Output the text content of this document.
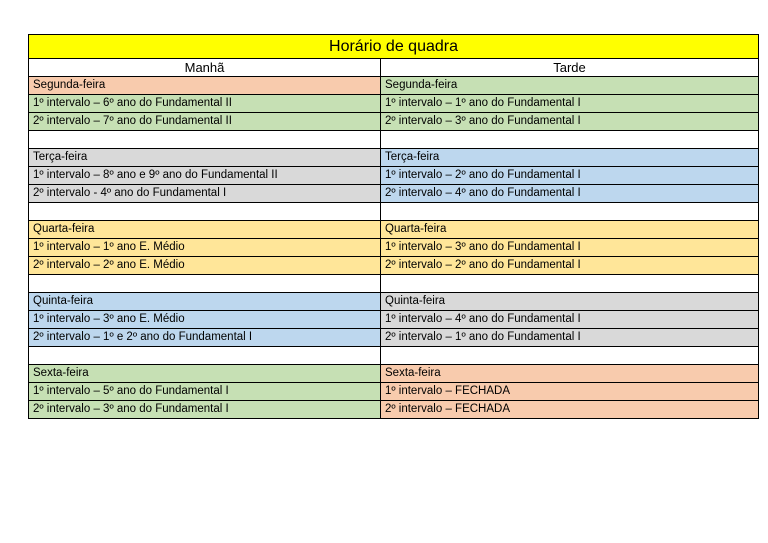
Horário de quadra	
Manhã	Tarde
Segunda-feira	Segunda-feira
1º intervalo – 6º ano do Fundamental II	1º intervalo – 1º ano do Fundamental I
2º intervalo – 7º ano do Fundamental II	2º intervalo – 3º ano do Fundamental I

Terça-feira	Terça-feira
1º intervalo – 8º ano e 9º ano do Fundamental II	1º intervalo – 2º ano do Fundamental I
2º intervalo - 4º ano do Fundamental I	2º intervalo – 4º ano do Fundamental I

Quarta-feira	Quarta-feira
1º intervalo – 1º ano E. Médio	1º intervalo – 3º ano do Fundamental I
2º intervalo – 2º ano E. Médio	2º intervalo – 2º ano do Fundamental I

Quinta-feira	Quinta-feira
1º intervalo – 3º ano E. Médio	1º intervalo – 4º ano do Fundamental I
2º intervalo – 1º e 2º ano do Fundamental I	2º intervalo – 1º ano do Fundamental I

Sexta-feira	Sexta-feira
1º intervalo – 5º ano do Fundamental I	1º intervalo – FECHADA
2º intervalo – 3º ano do Fundamental I	2º intervalo – FECHADA
